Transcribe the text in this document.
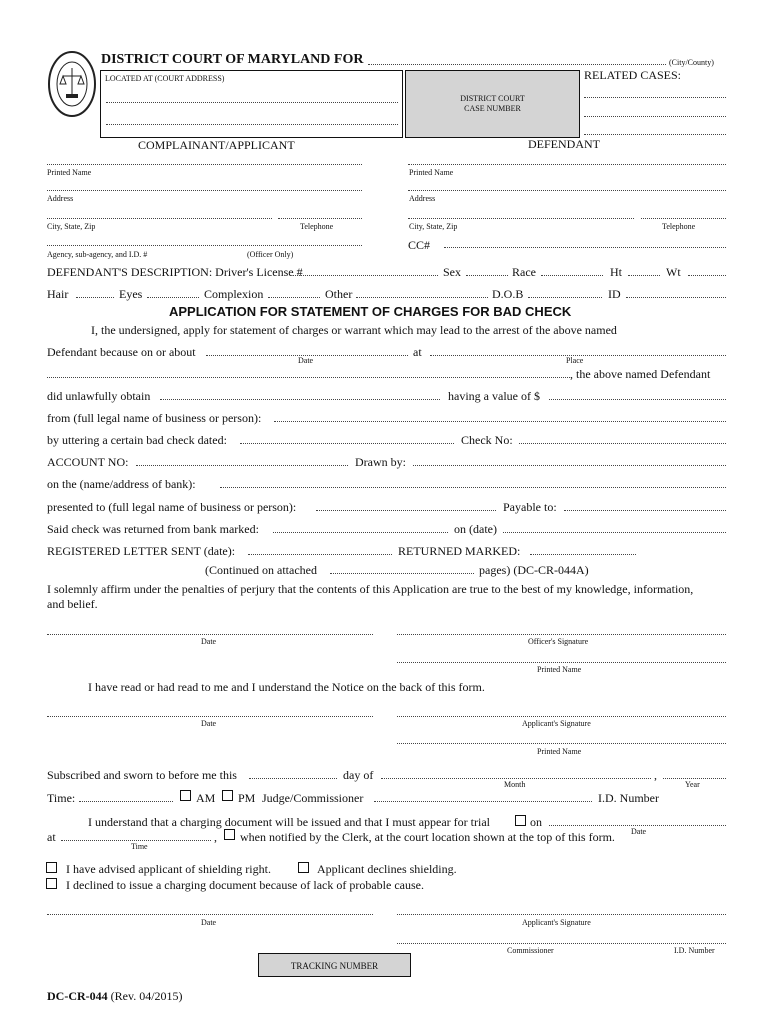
DISTRICT COURT OF MARYLAND FOR	(City/County)
LOCATED AT (COURT ADDRESS)
DISTRICT COURT
CASE NUMBER
RELATED CASES:
COMPLAINANT/APPLICANT	DEFENDANT
Printed Name	Printed Name
Address	Address
City, State, Zip	Telephone	City, State, Zip	Telephone
Agency, sub-agency, and I.D. #	(Officer Only)
CC#
DEFENDANT'S DESCRIPTION: Driver's License #	Sex	Race	Ht	Wt
Hair	Eyes	Complexion	Other	D.O.B	ID
APPLICATION FOR STATEMENT OF CHARGES FOR BAD CHECK
I, the undersigned, apply for statement of charges or warrant which may lead to the arrest of the above named
Defendant because on or about	at
Date	Place
, the above named Defendant
did unlawfully obtain	having a value of $
from (full legal name of business or person):
by uttering a certain bad check dated:	Check No:
ACCOUNT NO:	Drawn by:
on the (name/address of bank):
presented to (full legal name of business or person):	Payable to:
Said check was returned from bank marked:	on (date)
REGISTERED LETTER SENT (date):	RETURNED MARKED:
(Continued on attached	pages) (DC-CR-044A)
I solemnly affirm under the penalties of perjury that the contents of this Application are true to the best of my knowledge, information,
and belief.
Date	Officer's Signature
Printed Name
I have read or had read to me and I understand the Notice on the back of this form.
Date	Applicant's Signature
Printed Name
Subscribed and sworn to before me this	day of	,
Month	Year
Time:	AM PM Judge/Commissioner	I.D. Number
I understand that a charging document will be issued and that I must appear for trial	on
at	, when notified by the Clerk, at the court location shown at the top of this form. Date
Time
I have advised applicant of shielding right.	Applicant declines shielding.
I declined to issue a charging document because of lack of probable cause.
Date	Applicant's Signature
Commissioner	I.D. Number
TRACKING NUMBER
DC-CR-044 (Rev. 04/2015)
